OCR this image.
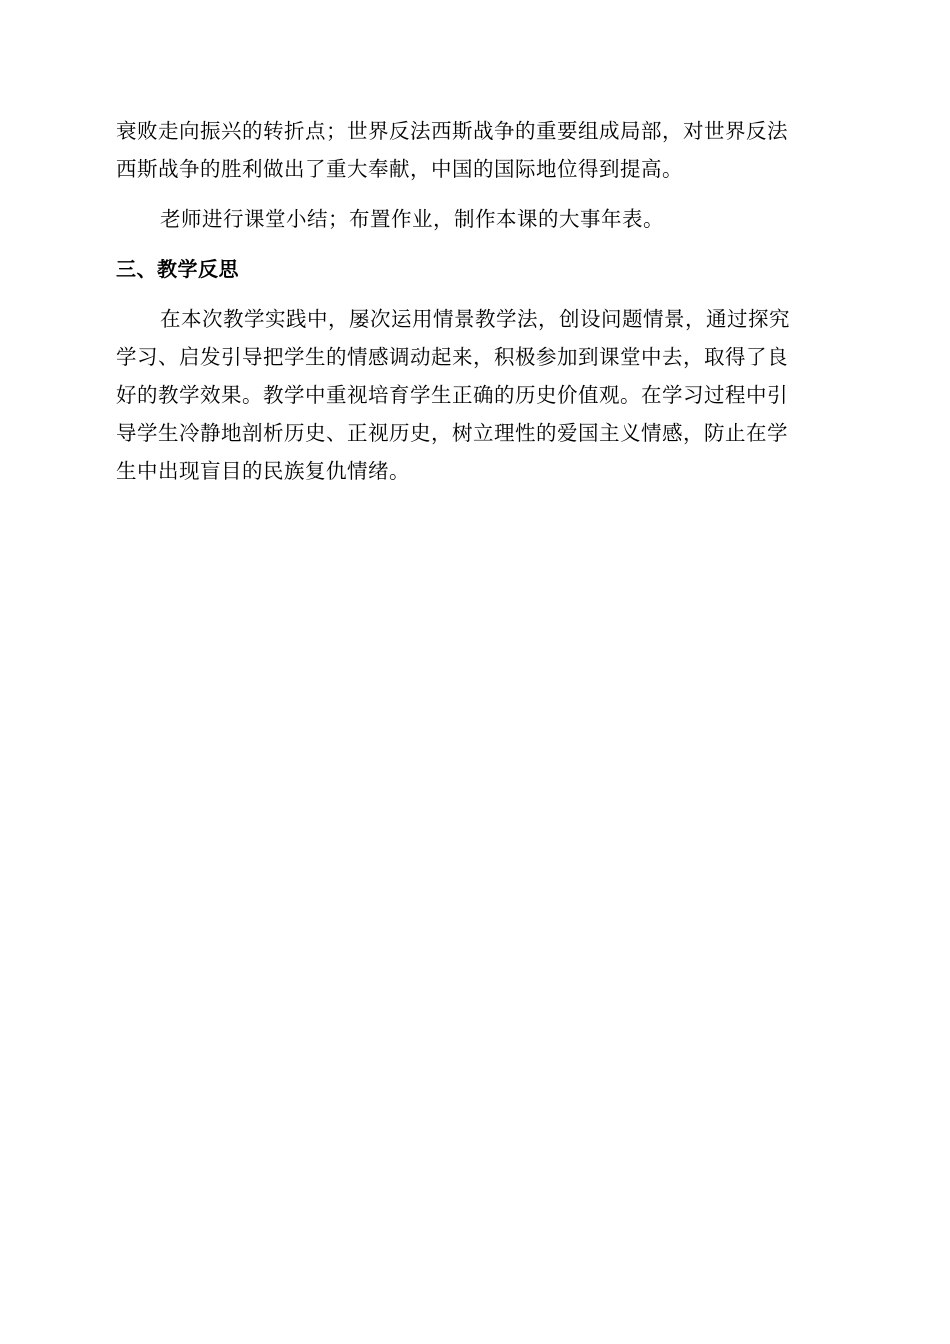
衰败走向振兴的转折点；世界反法西斯战争的重要组成局部，对世界反法
西斯战争的胜利做出了重大奉献，中国的国际地位得到提高。
老师进行课堂小结；布置作业，制作本课的大事年表。
三、教学反思
在本次教学实践中，屡次运用情景教学法，创设问题情景，通过探究
学习、启发引导把学生的情感调动起来，积极参加到课堂中去，取得了良
好的教学效果。教学中重视培育学生正确的历史价值观。在学习过程中引
导学生冷静地剖析历史、正视历史，树立理性的爱国主义情感，防止在学
生中出现盲目的民族复仇情绪。
